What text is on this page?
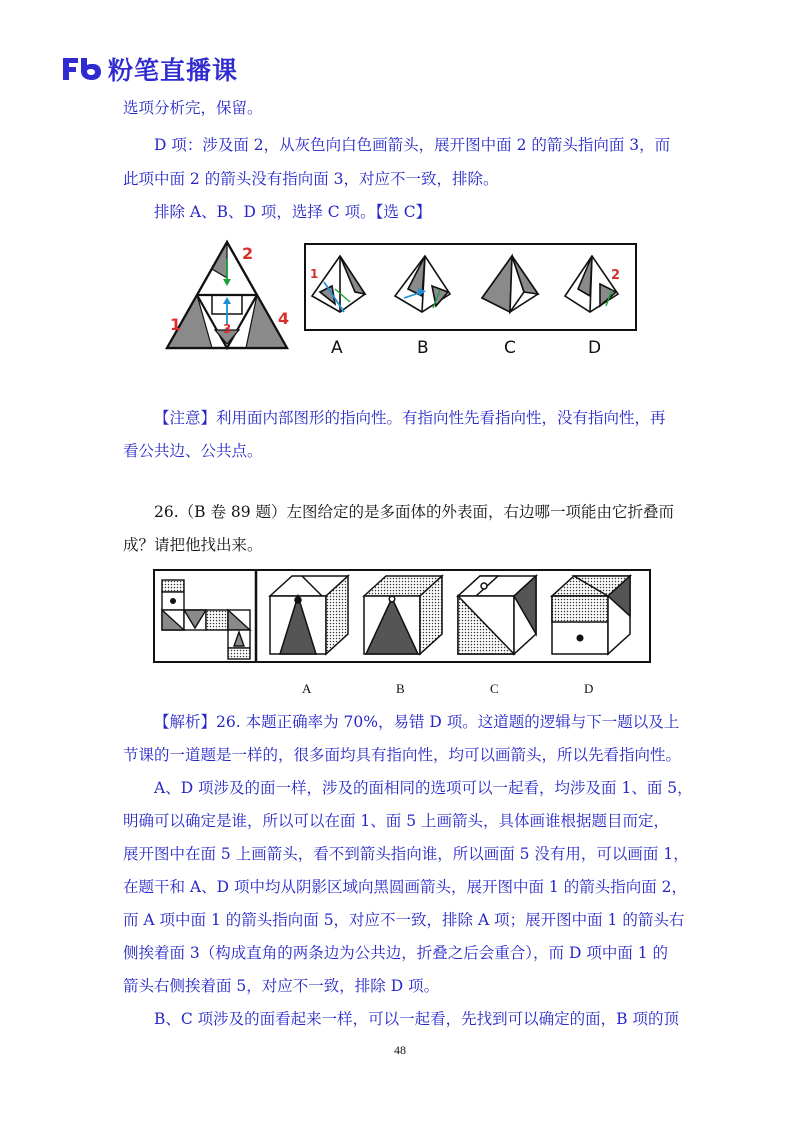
粉笔直播课
选项分析完，保留。
D 项：涉及面 2，从灰色向白色画箭头，展开图中面 2 的箭头指向面 3，而
此项中面 2 的箭头没有指向面 3，对应不一致，排除。
排除 A、B、D 项，选择 C 项。【选 C】
2
1	4
3
1	2
A	B	C	D
【注意】利用面内部图形的指向性。有指向性先看指向性，没有指向性，再
看公共边、公共点。
26.（B 卷 89 题）左图给定的是多面体的外表面，右边哪一项能由它折叠而
成？请把他找出来。
A	B	C	D
【解析】26. 本题正确率为 70%，易错 D 项。这道题的逻辑与下一题以及上
节课的一道题是一样的，很多面均具有指向性，均可以画箭头，所以先看指向性。
A、D 项涉及的面一样，涉及的面相同的选项可以一起看，均涉及面 1、面 5，
明确可以确定是谁，所以可以在面 1、面 5 上画箭头，具体画谁根据题目而定，
展开图中在面 5 上画箭头，看不到箭头指向谁，所以画面 5 没有用，可以画面 1，
在题干和 A、D 项中均从阴影区域向黑圆画箭头，展开图中面 1 的箭头指向面 2，
而 A 项中面 1 的箭头指向面 5，对应不一致，排除 A 项；展开图中面 1 的箭头右
侧挨着面 3（构成直角的两条边为公共边，折叠之后会重合），而 D 项中面 1 的
箭头右侧挨着面 5，对应不一致，排除 D 项。
B、C 项涉及的面看起来一样，可以一起看，先找到可以确定的面，B 项的顶
48
